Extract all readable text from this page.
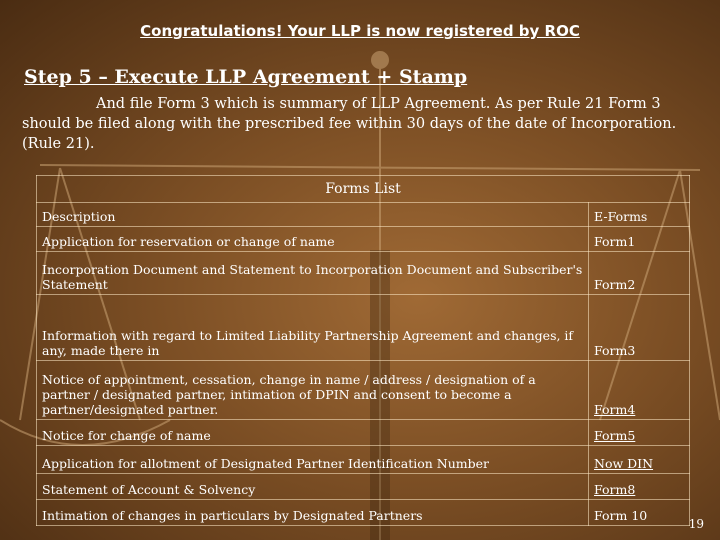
Congratulations! Your LLP is now registered by ROC
Step 5 – Execute LLP Agreement + Stamp
And file Form 3 which is summary of LLP Agreement. As per Rule 21 Form 3 should be filed along with the prescribed fee within 30 days of the date of Incorporation. (Rule 21).
Forms List	
Description	E-Forms
Application for reservation or change of name	Form1
Incorporation Document and Statement to Incorporation Document and Subscriber's Statement	Form2
Information with regard to Limited Liability Partnership Agreement and changes, if any, made there in	Form3
Notice of appointment, cessation, change in name / address / designation of a partner / designated partner, intimation of DPIN and consent to become a partner/designated partner.	Form4
Notice for change of name	Form5
Application for allotment of Designated Partner Identification Number	Now DIN
Statement of Account & Solvency	Form8
Intimation of changes in particulars by Designated Partners	Form 10
19
